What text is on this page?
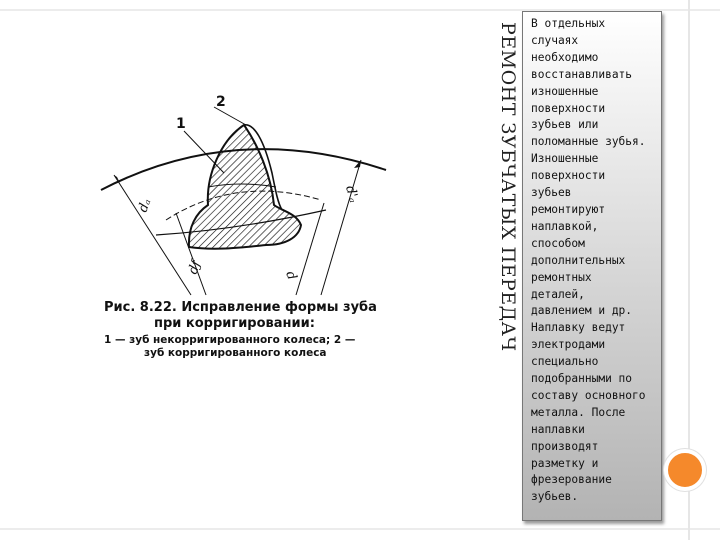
1
2
dₐ
d'ₐ
dƒ	d
Рис. 8.22. Исправление формы зуба
при корригировании:
1 — зуб некорригированного колеса; 2 —
зуб корригированного колеса
РЕМОНТ ЗУБЧАТЫХ ПЕРЕДАЧ В отдельных
случаях
необходимо
восстанавливать
изношенные
поверхности
зубьев или
поломанные зубья.
Изношенные
поверхности
зубьев
ремонтируют
наплавкой,
способом
дополнительных
ремонтных
деталей,
давлением и др.
Наплавку ведут
электродами
специально
подобранными по
составу основного
металла. После
наплавки
производят
разметку и
фрезерование
зубьев.
